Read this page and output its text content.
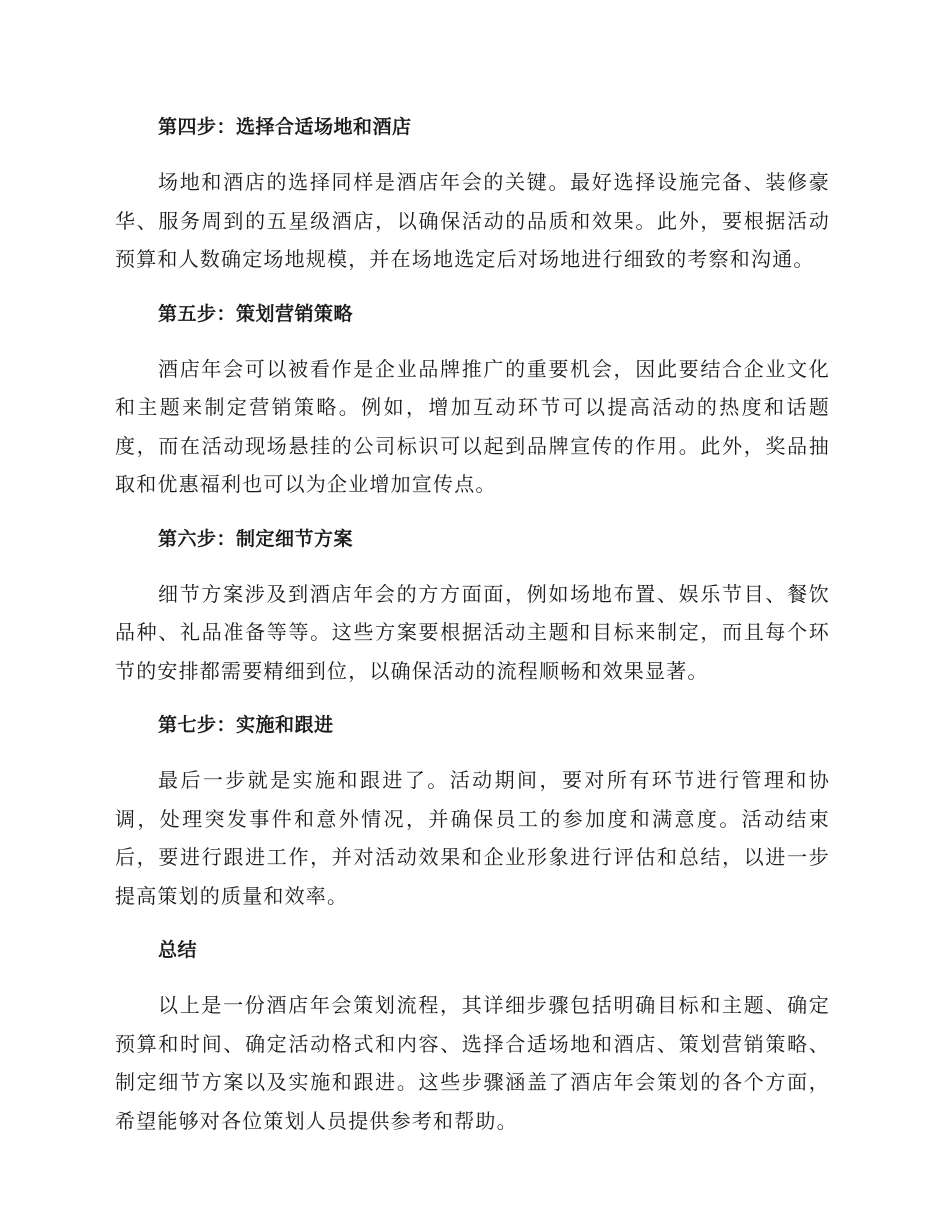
第四步：选择合适场地和酒店

场地和酒店的选择同样是酒店年会的关键。最好选择设施完备、装修豪华、服务周到的五星级酒店，以确保活动的品质和效果。此外，要根据活动预算和人数确定场地规模，并在场地选定后对场地进行细致的考察和沟通。

第五步：策划营销策略

酒店年会可以被看作是企业品牌推广的重要机会，因此要结合企业文化和主题来制定营销策略。例如，增加互动环节可以提高活动的热度和话题度，而在活动现场悬挂的公司标识可以起到品牌宣传的作用。此外，奖品抽取和优惠福利也可以为企业增加宣传点。

第六步：制定细节方案

细节方案涉及到酒店年会的方方面面，例如场地布置、娱乐节目、餐饮品种、礼品准备等等。这些方案要根据活动主题和目标来制定，而且每个环节的安排都需要精细到位，以确保活动的流程顺畅和效果显著。

第七步：实施和跟进

最后一步就是实施和跟进了。活动期间，要对所有环节进行管理和协调，处理突发事件和意外情况，并确保员工的参加度和满意度。活动结束后，要进行跟进工作，并对活动效果和企业形象进行评估和总结，以进一步提高策划的质量和效率。

总结

以上是一份酒店年会策划流程，其详细步骤包括明确目标和主题、确定预算和时间、确定活动格式和内容、选择合适场地和酒店、策划营销策略、制定细节方案以及实施和跟进。这些步骤涵盖了酒店年会策划的各个方面，希望能够对各位策划人员提供参考和帮助。
